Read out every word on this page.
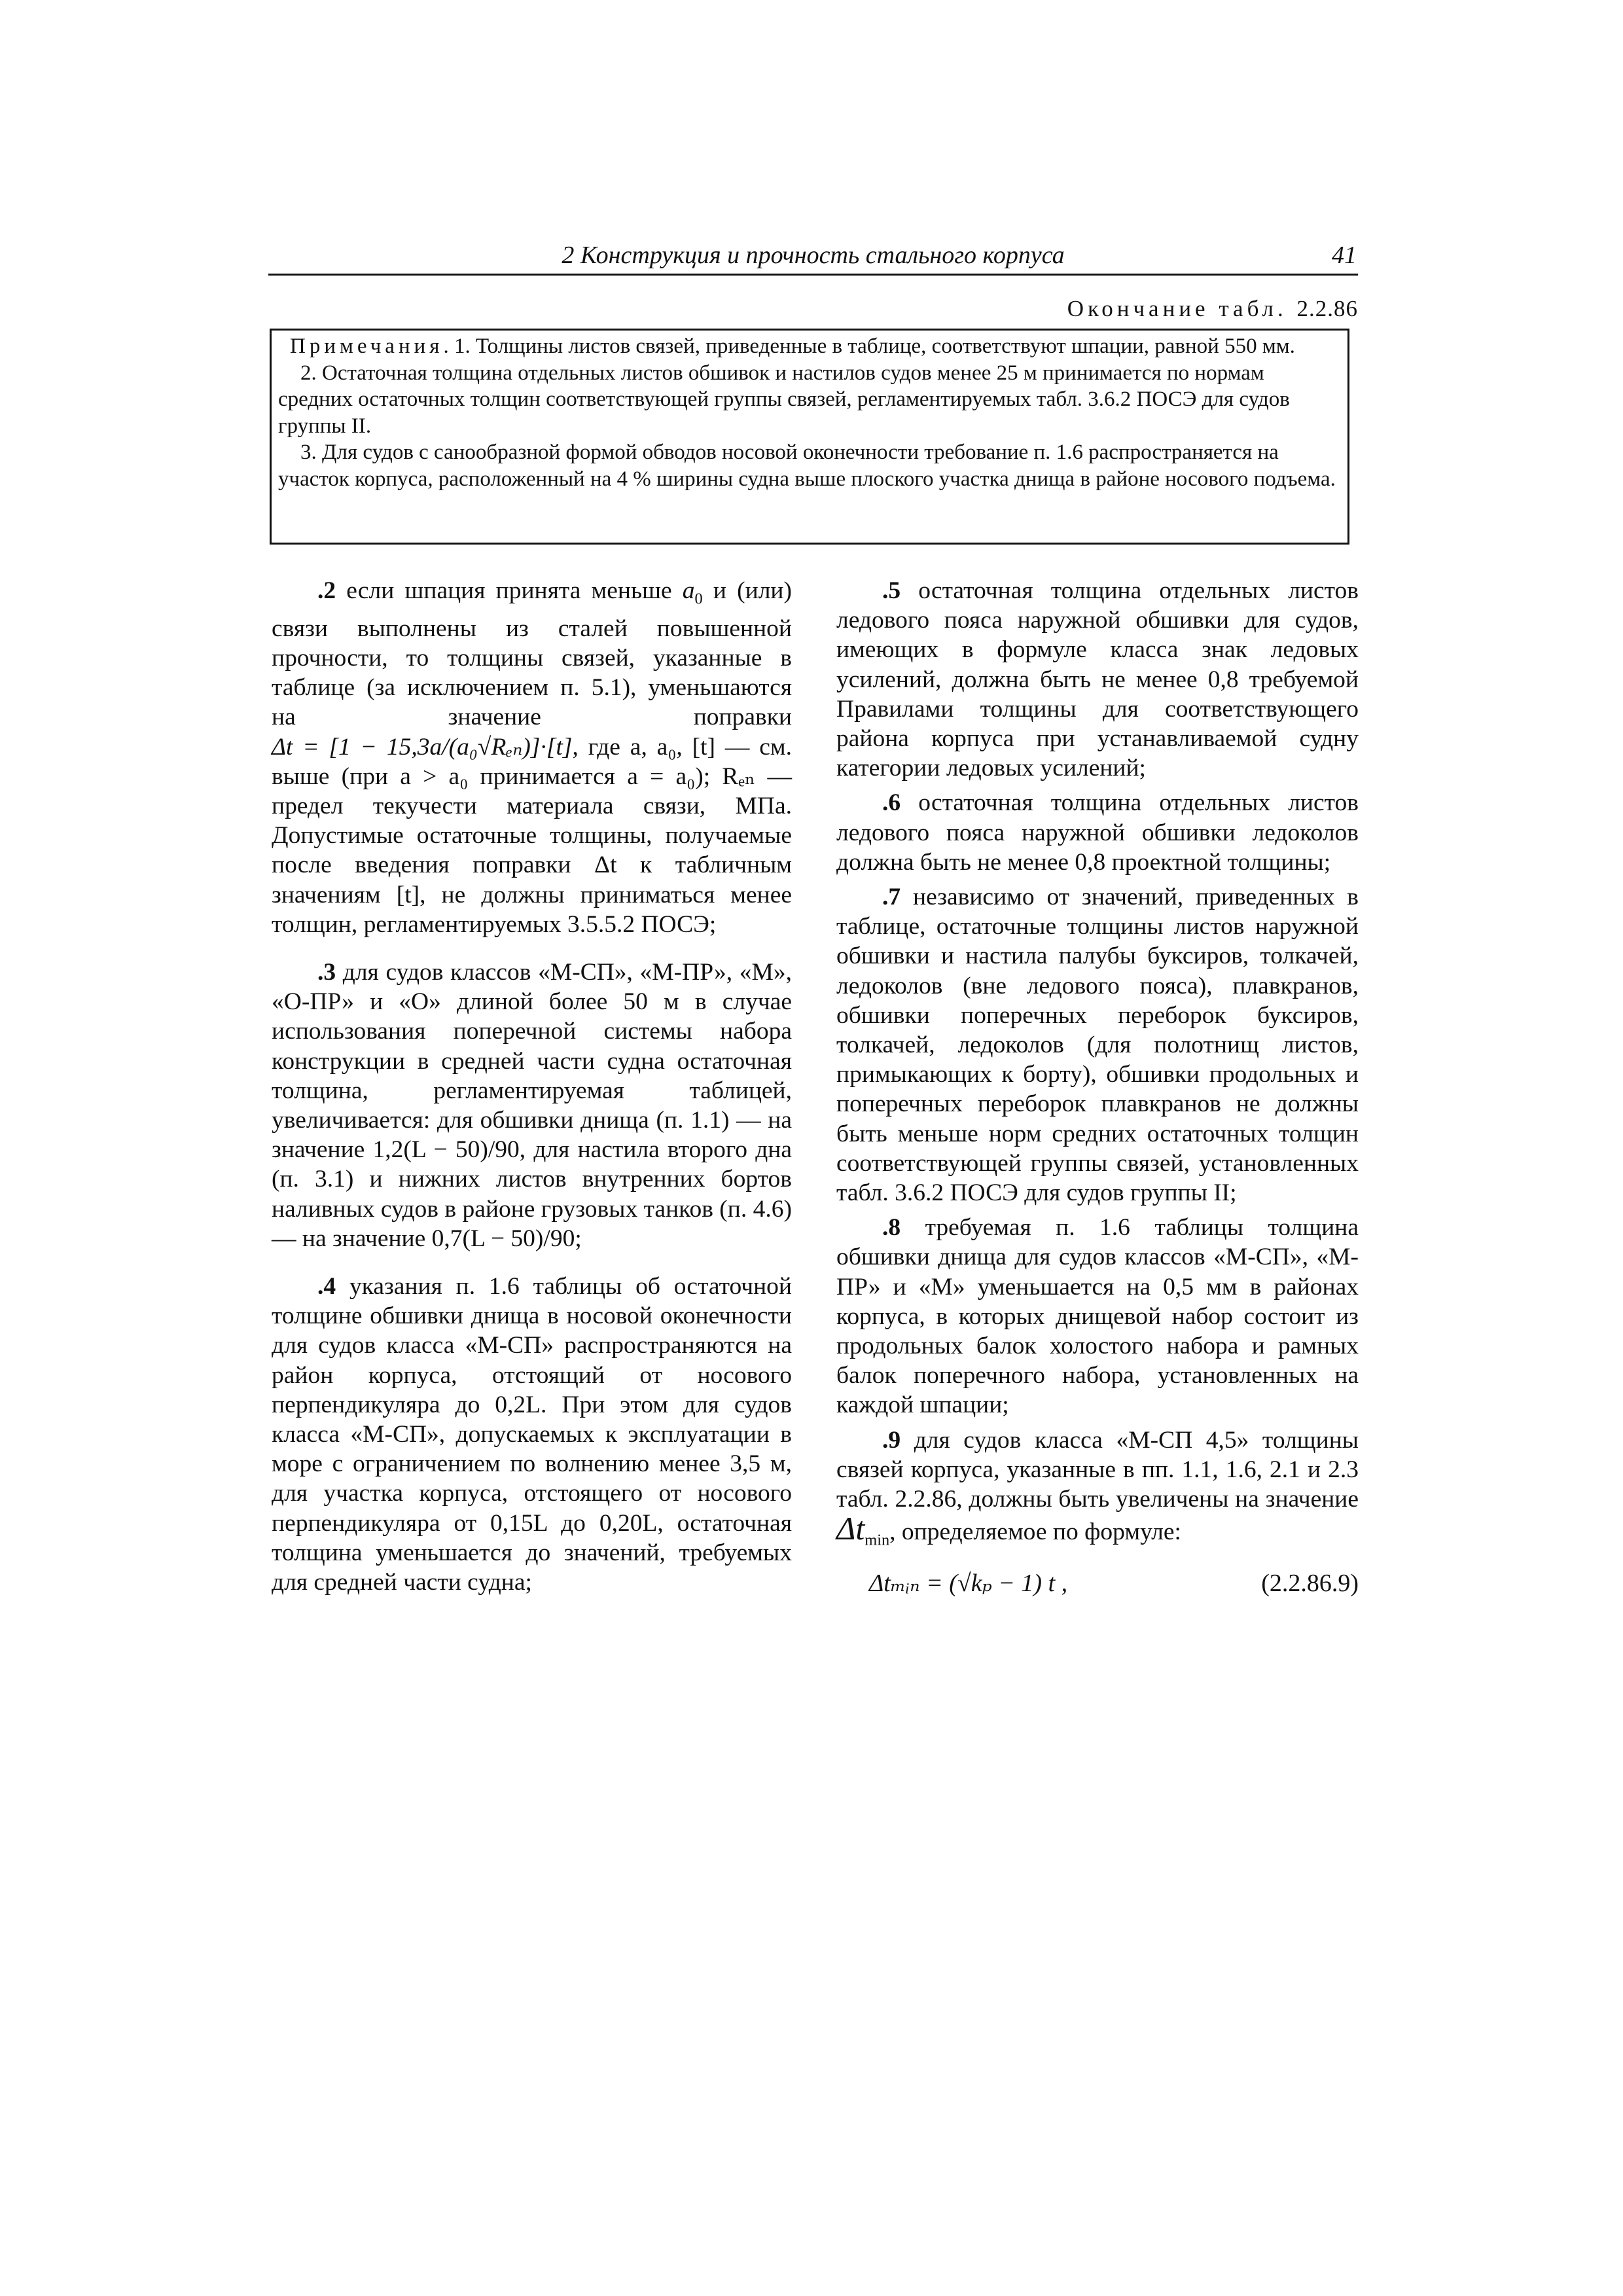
2 Конструкция и прочность стального корпуса	41
Окончание табл. 2.2.86

Примечания. 1. Толщины листов связей, приведенные в таблице, соответствуют шпации, равной 550 мм.

2. Остаточная толщина отдельных листов обшивок и настилов судов менее 25 м принимается по нормам средних остаточных толщин соответствующей группы связей, регламентируемых табл. 3.6.2 ПОСЭ для судов группы II.

3. Для судов с санообразной формой обводов носовой оконечности требование п. 1.6 распространяется на участок корпуса, расположенный на 4 % ширины судна выше плоского участка днища в районе носового подъема.

.2 если шпация принята меньше $a_0$ и (или) связи выполнены из сталей повышенной прочности, то толщины связей, указанные в таблице (за исключением п. 5.1), уменьшаются на значение поправки Δt = [1 − 15,3a/(a₀√Rₑₙ)]·[t], где a, a₀, [t] — см. выше (при a > a₀ принимается a = a₀); Rₑₙ — предел текучести материала связи, МПа. Допустимые остаточные толщины, получаемые после введения поправки Δt к табличным значениям [t], не должны приниматься менее толщин, регламентируемых 3.5.5.2 ПОСЭ;

.3 для судов классов «М-СП», «М-ПР», «М», «О-ПР» и «О» длиной более 50 м в случае использования поперечной системы набора конструкции в средней части судна остаточная толщина, регламентируемая таблицей, увеличивается: для обшивки днища (п. 1.1) — на значение 1,2(L − 50)/90, для настила второго дна (п. 3.1) и нижних листов внутренних бортов наливных судов в районе грузовых танков (п. 4.6) — на значение 0,7(L − 50)/90;

.4 указания п. 1.6 таблицы об остаточной толщине обшивки днища в носовой оконечности для судов класса «М-СП» распространяются на район корпуса, отстоящий от носового перпендикуляра до 0,2L. При этом для судов класса «М-СП», допускаемых к эксплуатации в море с ограничением по волнению менее 3,5 м, для участка корпуса, отстоящего от носового перпендикуляра от 0,15L до 0,20L, остаточная толщина уменьшается до значений, требуемых для средней части судна;

.5 остаточная толщина отдельных листов ледового пояса наружной обшивки для судов, имеющих в формуле класса знак ледовых усилений, должна быть не менее 0,8 требуемой Правилами толщины для соответствующего района корпуса при устанавливаемой судну категории ледовых усилений;

.6 остаточная толщина отдельных листов ледового пояса наружной обшивки ледоколов должна быть не менее 0,8 проектной толщины;

.7 независимо от значений, приведенных в таблице, остаточные толщины листов наружной обшивки и настила палубы буксиров, толкачей, ледоколов (вне ледового пояса), плавкранов, обшивки поперечных переборок буксиров, толкачей, ледоколов (для полотнищ листов, примыкающих к борту), обшивки продольных и поперечных переборок плавкранов не должны быть меньше норм средних остаточных толщин соответствующей группы связей, установленных табл. 3.6.2 ПОСЭ для судов группы II;

.8 требуемая п. 1.6 таблицы толщина обшивки днища для судов классов «М-СП», «М-ПР» и «М» уменьшается на 0,5 мм в районах корпуса, в которых днищевой набор состоит из продольных балок холостого набора и рамных балок поперечного набора, установленных на каждой шпации;

.9 для судов класса «М-СП 4,5» толщины связей корпуса, указанные в пп. 1.1, 1.6, 2.1 и 2.3 табл. 2.2.86, должны быть увеличены на значение $\Delta t_{min}$, определяемое по формуле:

Δtₘᵢₙ = (√kₚ − 1) t ,	(2.2.86.9)
